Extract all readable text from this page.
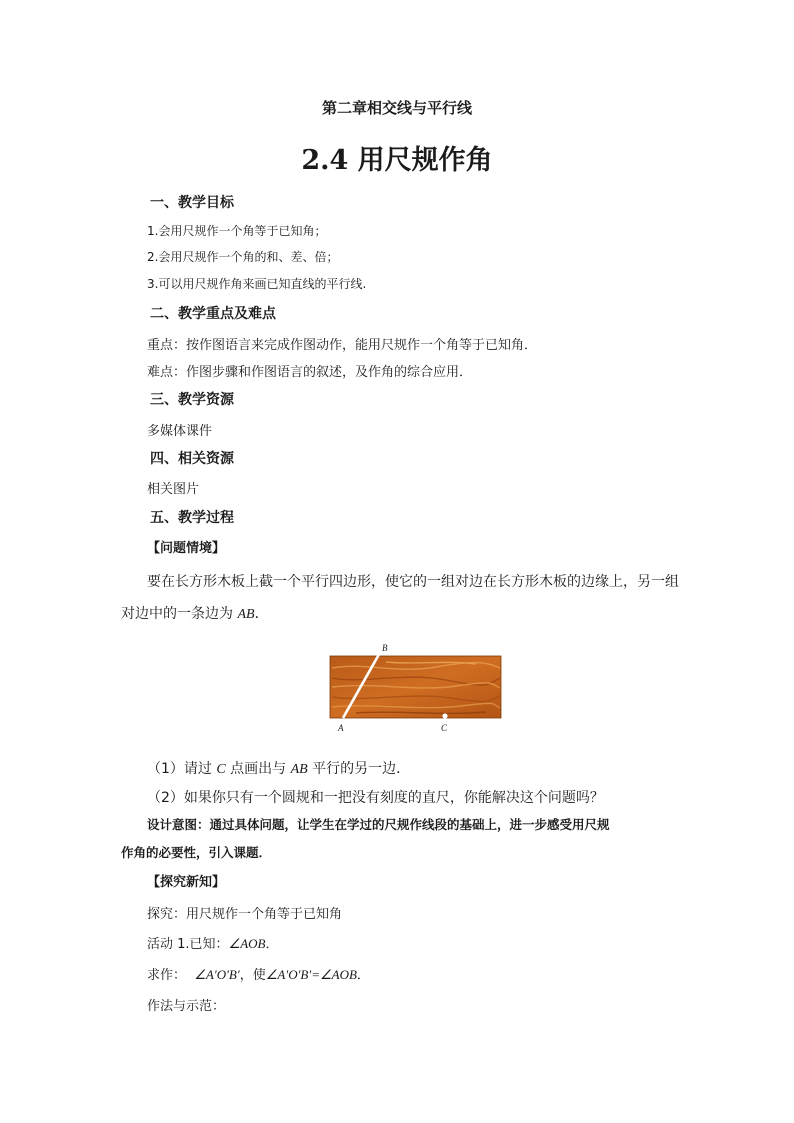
第二章相交线与平行线
2.4 用尺规作角
一、教学目标
1.会用尺规作一个角等于已知角；
2.会用尺规作一个角的和、差、倍；
3.可以用尺规作角来画已知直线的平行线.
二、教学重点及难点
重点：按作图语言来完成作图动作，能用尺规作一个角等于已知角．
难点：作图步骤和作图语言的叙述，及作角的综合应用．
三、教学资源
多媒体课件
四、相关资源
相关图片
五、教学过程
【问题情境】
要在长方形木板上截一个平行四边形，使它的一组对边在长方形木板的边缘上，另一组
对边中的一条边为 AB．
B
A	C
（1）请过 C 点画出与 AB 平行的另一边．
（2）如果你只有一个圆规和一把没有刻度的直尺，你能解决这个问题吗？
设计意图：通过具体问题，让学生在学过的尺规作线段的基础上，进一步感受用尺规
作角的必要性，引入课题．
【探究新知】
探究：用尺规作一个角等于已知角
活动 1.已知：∠AOB．
求作：  ∠A′O′B′，使∠A′O′B′=∠AOB．
作法与示范：
